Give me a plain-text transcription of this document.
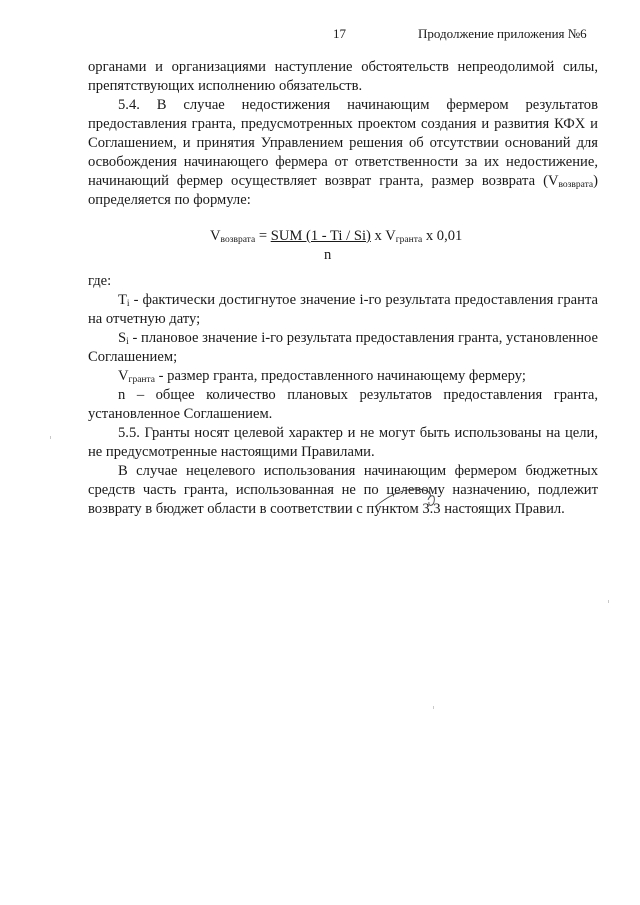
17	Продолжение приложения №6

органами и организациями наступление обстоятельств непреодолимой силы, препятствующих исполнению обязательств.

5.4. В случае недостижения начинающим фермером результатов предоставления гранта, предусмотренных проектом создания и развития КФХ и Соглашением, и принятия Управлением решения об отсутствии оснований для освобождения начинающего фермера от ответственности за их недостижение, начинающий фермер осуществляет возврат гранта, размер возврата $(V_{возврата})$ определяется по формуле:

$V_{возврата}$ = SUM (1 - Ti / Si) x $V_{гранта}$ x 0,01
n

где:

$T_i$ - фактически достигнутое значение i-го результата предоставления гранта на отчетную дату;

$S_i$ - плановое значение i-го результата предоставления гранта, установленное Соглашением;

$V_{гранта}$ - размер гранта, предоставленного начинающему фермеру;

n – общее количество плановых результатов предоставления гранта, установленное Соглашением.

5.5. Гранты носят целевой характер и не могут быть использованы на цели, не предусмотренные настоящими Правилами.

В случае нецелевого использования начинающим фермером бюджетных средств часть гранта, использованная не по целевому назначению, подлежит возврату в бюджет области в соответствии с пунктом 3.3 настоящих Правил.
